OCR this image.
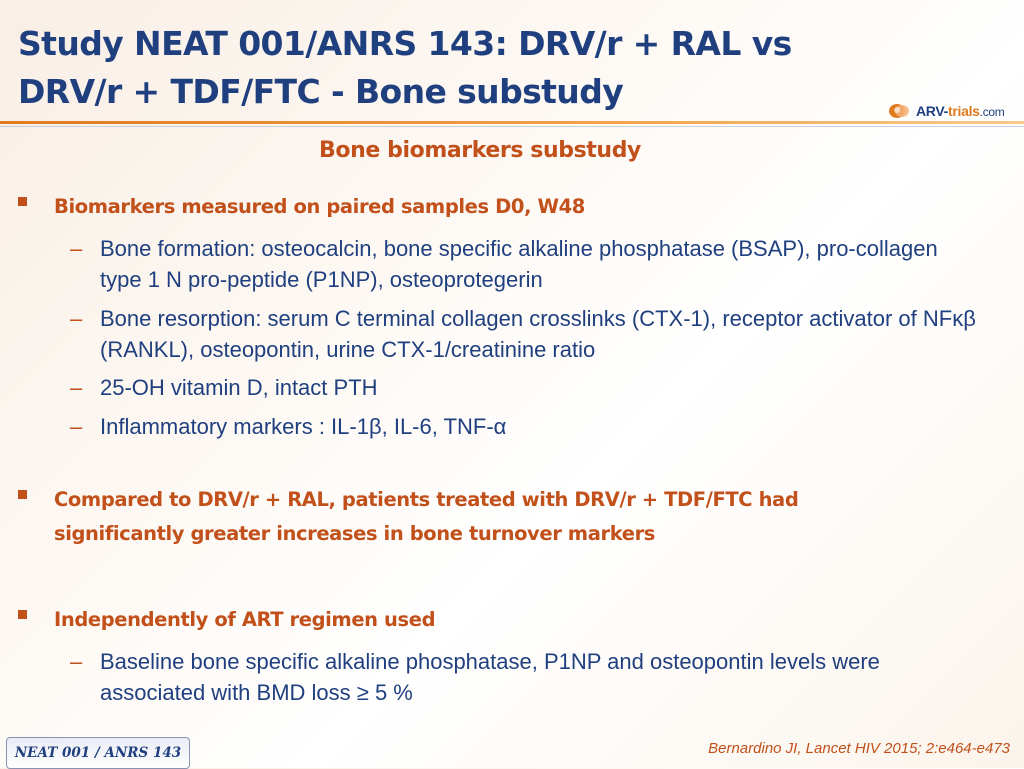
Study NEAT 001/ANRS 143: DRV/r + RAL vs
DRV/r + TDF/FTC - Bone substudy	ARV-trials.com
Bone biomarkers substudy
Biomarkers measured on paired samples D0, W48
– Bone formation: osteocalcin, bone specific alkaline phosphatase (BSAP), pro-collagen type 1 N pro-peptide (P1NP), osteoprotegerin
– Bone resorption: serum C terminal collagen crosslinks (CTX-1), receptor activator of NFκβ (RANKL), osteopontin, urine CTX-1/creatinine ratio
– 25-OH vitamin D, intact PTH
– Inflammatory markers : IL-1β, IL-6, TNF-α
Compared to DRV/r + RAL, patients treated with DRV/r + TDF/FTC had
significantly greater increases in bone turnover markers
Independently of ART regimen used
– Baseline bone specific alkaline phosphatase, P1NP and osteopontin levels were associated with BMD loss ≥ 5 %
NEAT 001 / ANRS 143	Bernardino JI, Lancet HIV 2015; 2:e464-e473
